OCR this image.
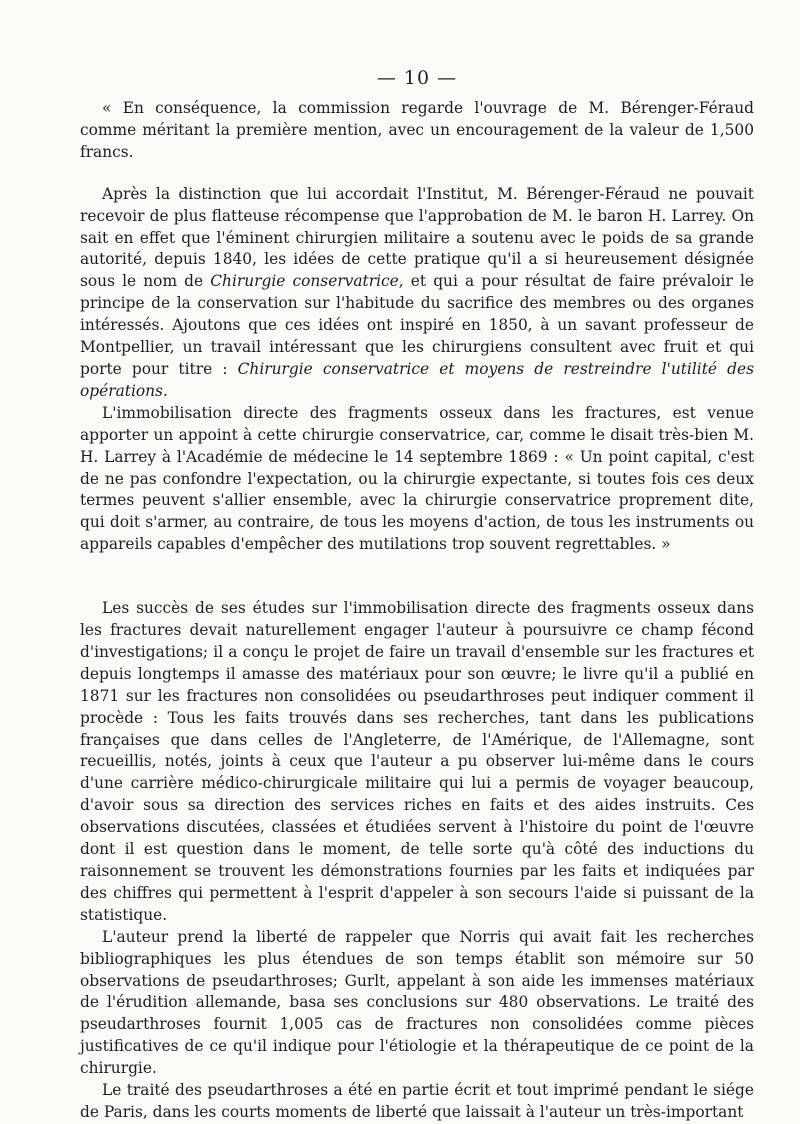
— 10 —

« En conséquence, la commission regarde l'ouvrage de M. Bérenger-Féraud comme méritant la première mention, avec un encouragement de la valeur de 1,500 francs.

Après la distinction que lui accordait l'Institut, M. Bérenger-Féraud ne pouvait recevoir de plus flatteuse récompense que l'approbation de M. le baron H. Larrey. On sait en effet que l'éminent chirurgien militaire a soutenu avec le poids de sa grande autorité, depuis 1840, les idées de cette pratique qu'il a si heureusement désignée sous le nom de Chirurgie conservatrice, et qui a pour résultat de faire prévaloir le principe de la conservation sur l'habitude du sacrifice des membres ou des organes intéressés. Ajoutons que ces idées ont inspiré en 1850, à un savant professeur de Montpellier, un travail intéressant que les chirurgiens consultent avec fruit et qui porte pour titre : Chirurgie conservatrice et moyens de restreindre l'utilité des opérations.

L'immobilisation directe des fragments osseux dans les fractures, est venue apporter un appoint à cette chirurgie conservatrice, car, comme le disait très-bien M. H. Larrey à l'Académie de médecine le 14 septembre 1869 : « Un point capital, c'est de ne pas confondre l'expectation, ou la chirurgie expectante, si toutes fois ces deux termes peuvent s'allier ensemble, avec la chirurgie conservatrice proprement dite, qui doit s'armer, au contraire, de tous les moyens d'action, de tous les instruments ou appareils capables d'empêcher des mutilations trop souvent regrettables. »

Les succès de ses études sur l'immobilisation directe des fragments osseux dans les fractures devait naturellement engager l'auteur à poursuivre ce champ fécond d'investigations; il a conçu le projet de faire un travail d'ensemble sur les fractures et depuis longtemps il amasse des matériaux pour son œuvre; le livre qu'il a publié en 1871 sur les fractures non consolidées ou pseudarthroses peut indiquer comment il procède : Tous les faits trouvés dans ses recherches, tant dans les publications françaises que dans celles de l'Angleterre, de l'Amérique, de l'Allemagne, sont recueillis, notés, joints à ceux que l'auteur a pu observer lui-même dans le cours d'une carrière médico-chirurgicale militaire qui lui a permis de voyager beaucoup, d'avoir sous sa direction des services riches en faits et des aides instruits. Ces observations discutées, classées et étudiées servent à l'histoire du point de l'œuvre dont il est question dans le moment, de telle sorte qu'à côté des inductions du raisonnement se trouvent les démonstrations fournies par les faits et indiquées par des chiffres qui permettent à l'esprit d'appeler à son secours l'aide si puissant de la statistique.

L'auteur prend la liberté de rappeler que Norris qui avait fait les recherches bibliographiques les plus étendues de son temps établit son mémoire sur 50 observations de pseudarthroses; Gurlt, appelant à son aide les immenses matériaux de l'érudition allemande, basa ses conclusions sur 480 observations. Le traité des pseudarthroses fournit 1,005 cas de fractures non consolidées comme pièces justificatives de ce qu'il indique pour l'étiologie et la thérapeutique de ce point de la chirurgie.

Le traité des pseudarthroses a été en partie écrit et tout imprimé pendant le siége de Paris, dans les courts moments de liberté que laissait à l'auteur un très-important
